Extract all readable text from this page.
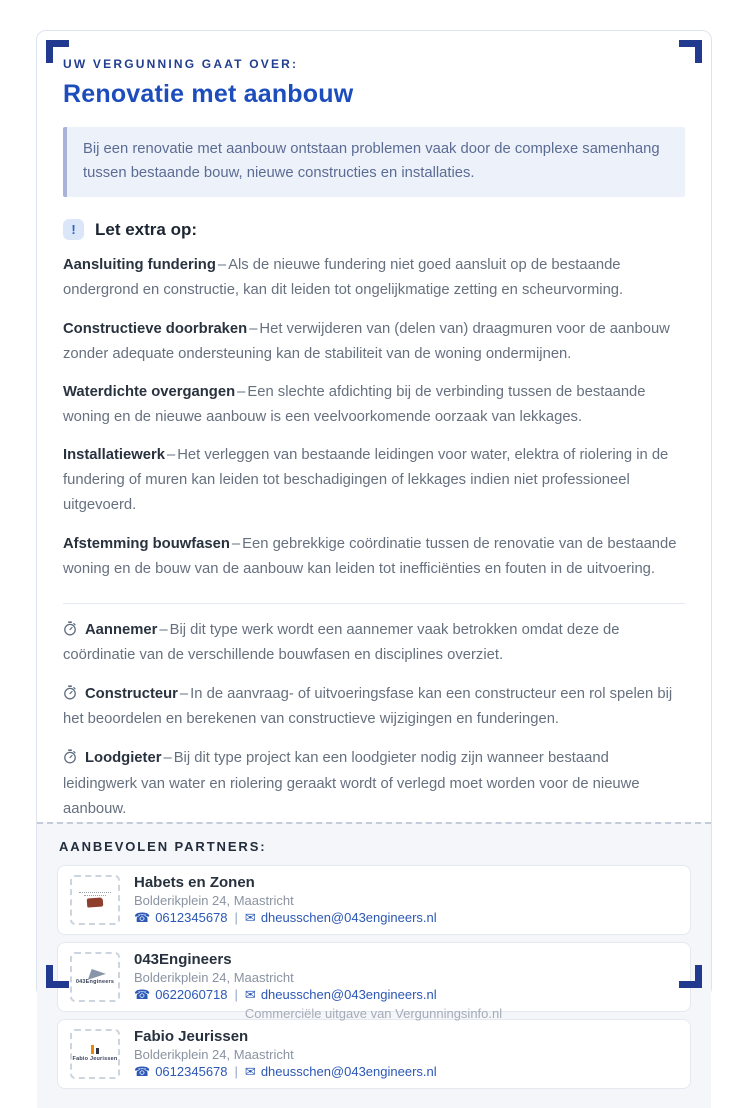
UW VERGUNNING GAAT OVER:
Renovatie met aanbouw
Bij een renovatie met aanbouw ontstaan problemen vaak door de complexe samenhang tussen bestaande bouw, nieuwe constructies en installaties.
!	Let extra op:

Aansluiting fundering – Als de nieuwe fundering niet goed aansluit op de bestaande ondergrond en constructie, kan dit leiden tot ongelijkmatige zetting en scheurvorming.

Constructieve doorbraken – Het verwijderen van (delen van) draagmuren voor de aanbouw zonder adequate ondersteuning kan de stabiliteit van de woning ondermijnen.

Waterdichte overgangen – Een slechte afdichting bij de verbinding tussen de bestaande woning en de nieuwe aanbouw is een veelvoorkomende oorzaak van lekkages.

Installatiewerk – Het verleggen van bestaande leidingen voor water, elektra of riolering in de fundering of muren kan leiden tot beschadigingen of lekkages indien niet professioneel uitgevoerd.

Afstemming bouwfasen – Een gebrekkige coördinatie tussen de renovatie van de bestaande woning en de bouw van de aanbouw kan leiden tot inefficiënties en fouten in de uitvoering.

Aannemer – Bij dit type werk wordt een aannemer vaak betrokken omdat deze de coördinatie van de verschillende bouwfasen en disciplines overziet.

Constructeur – In de aanvraag- of uitvoeringsfase kan een constructeur een rol spelen bij het beoordelen en berekenen van constructieve wijzigingen en funderingen.

Loodgieter – Bij dit type project kan een loodgieter nodig zijn wanneer bestaand leidingwerk van water en riolering geraakt wordt of verlegd moet worden voor de nieuwe aanbouw.

AANBEVOLEN PARTNERS:
Habets en Zonen
Bolderikplein 24, Maastricht
☎ 0612345678 | ✉ dheusschen@043engineers.nl
043Engineers
043Engineers
Bolderikplein 24, Maastricht
☎ 0622060718 | ✉ dheusschen@043engineers.nl
Fabio Jeurissen
Fabio Jeurissen
Bolderikplein 24, Maastricht
☎ 0612345678 | ✉ dheusschen@043engineers.nl
Commerciële uitgave van Vergunningsinfo.nl
